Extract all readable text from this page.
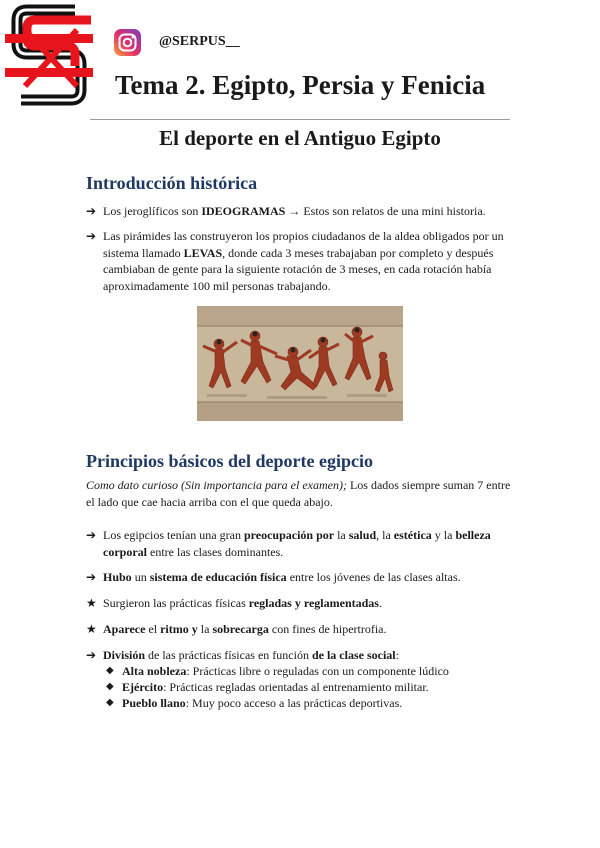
@SERPUS__
Tema 2. Egipto, Persia y Fenicia
El deporte en el Antiguo Egipto
Introducción histórica
➔ Los jeroglíficos son IDEOGRAMAS → Estos son relatos de una mini historia.
➔ Las pirámides las construyeron los propios ciudadanos de la aldea obligados por un sistema llamado LEVAS, donde cada 3 meses trabajaban por completo y después cambiaban de gente para la siguiente rotación de 3 meses, en cada rotación había aproximadamente 100 mil personas trabajando.
Principios básicos del deporte egipcio
Como dato curioso (Sin importancia para el examen); Los dados siempre suman 7 entre el lado que cae hacia arriba con el que queda abajo.
➔ Los egipcios tenían una gran preocupación por la salud, la estética y la belleza corporal entre las clases dominantes.
➔ Hubo un sistema de educación física entre los jóvenes de las clases altas.
★ Surgieron las prácticas físicas regladas y reglamentadas.
★ Aparece el ritmo y la sobrecarga con fines de hipertrofia.
➔ División de las prácticas físicas en función de la clase social:
◆ Alta nobleza: Prácticas libre o reguladas con un componente lúdico
◆ Ejército: Prácticas regladas orientadas al entrenamiento militar.
◆ Pueblo llano: Muy poco acceso a las prácticas deportivas.
